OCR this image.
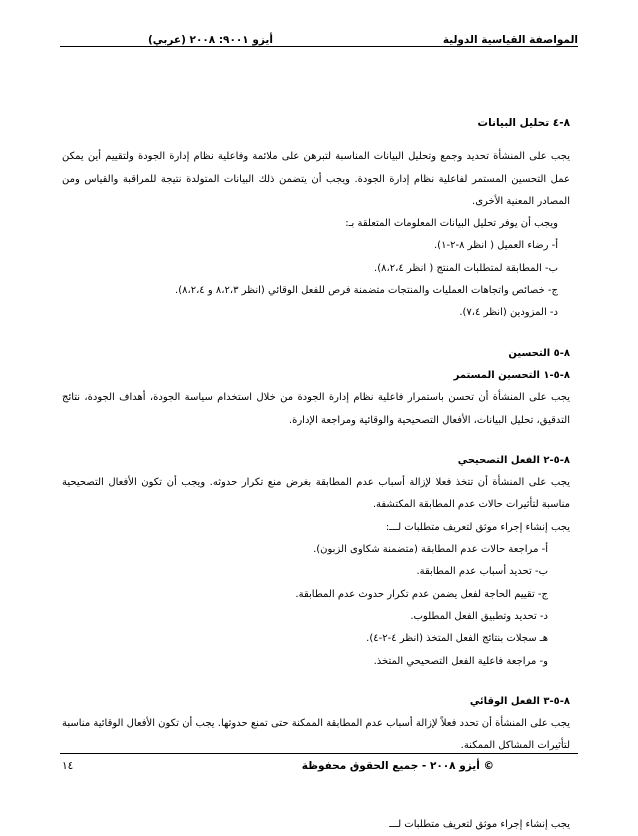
المواصفة القياسية الدولية
أيزو ٩٠٠١: ٢٠٠٨ (عربي)
٨-٤ تحليل البيانات

يجب على المنشأة تحديد وجمع وتحليل البيانات المناسبة لتبرهن على ملائمة وفاعلية نظام إدارة الجودة ولتقييم أين يمكن عمل التحسين المستمر لفاعلية نظام إدارة الجودة. ويجب أن يتضمن ذلك البيانات المتولدة نتيجة للمراقبة والقياس ومن المصادر المعنية الأخرى.

ويجب أن يوفر تحليل البيانات المعلومات المتعلقة بـ:

أ- رضاء العميل ( انظر ٨-٢-١).

ب- المطابقة لمتطلبات المنتج ( انظر ٨،٢،٤).

ج- خصائص واتجاهات العمليات والمنتجات متضمنة فرص للفعل الوقائي (انظر ٨،٢،٣ و ٨،٢،٤).

د- المزودين (انظر ٧،٤).

٨-٥ التحسين
٨-٥-١ التحسين المستمر

يجب على المنشأة أن تحسن باستمرار فاعلية نظام إدارة الجودة من خلال استخدام سياسة الجودة، أهداف الجودة، نتائج التدقيق، تحليل البيانات، الأفعال التصحيحية والوقائية ومراجعة الإدارة.

٨-٥-٢ الفعل التصحيحي

يجب على المنشأة أن تتخذ فعلا لإزالة أسباب عدم المطابقة بغرض منع تكرار حدوثه. ويجب أن تكون الأفعال التصحيحية مناسبة لتأثيرات حالات عدم المطابقة المكتشفة.

يجب إنشاء إجراء موثق لتعريف متطلبات لـــ:

أ- مراجعة حالات عدم المطابقة (متضمنة شكاوى الزبون).

ب- تحديد أسباب عدم المطابقة.

ج- تقييم الحاجة لفعل يضمن عدم تكرار حدوث عدم المطابقة.

د- تحديد وتطبيق الفعل المطلوب.

هـ سجلات بنتائج الفعل المتخذ (انظر ٤-٢-٤).

و- مراجعة فاعلية الفعل التصحيحي المتخذ.

٨-٥-٣ الفعل الوقائي

يجب على المنشأة أن تحدد فعلاً لإزالة أسباب عدم المطابقة الممكنة حتى تمنع حدوثها. يجب أن تكون الأفعال الوقائية مناسبة لتأثيرات المشاكل الممكنة.

يجب إنشاء إجراء موثق لتعريف متطلبات لـــ

© أيزو ٢٠٠٨ - جميع الحقوق محفوظة
١٤
